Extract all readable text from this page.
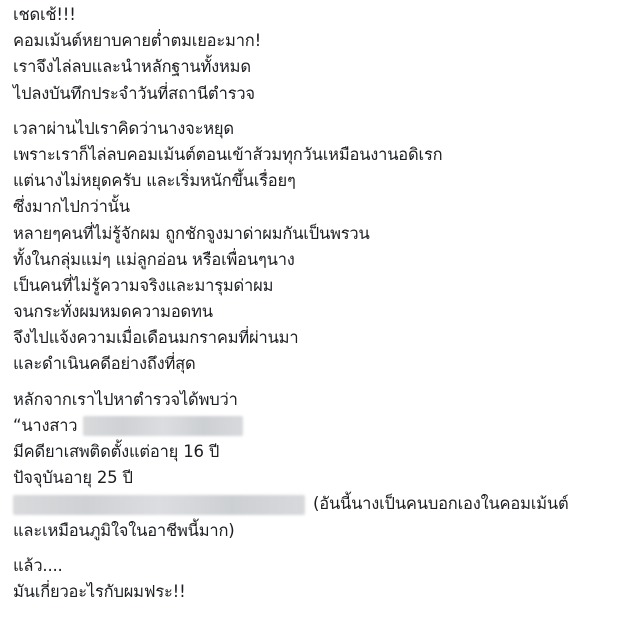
เชดเช้!!!
คอมเม้นต์หยาบคายต่ำตมเยอะมาก!
เราจึงไล่ลบและนำหลักฐานทั้งหมด
ไปลงบันทึกประจำวันที่สถานีตำรวจ
เวลาผ่านไปเราคิดว่านางจะหยุด
เพราะเราก็ไล่ลบคอมเม้นต์ตอนเข้าส้วมทุกวันเหมือนงานอดิเรก
แต่นางไม่หยุดครับ และเริ่มหนักขึ้นเรื่อยๆ
ซึ่งมากไปกว่านั้น
หลายๆคนที่ไม่รู้จักผม ถูกชักจูงมาด่าผมกันเป็นพรวน
ทั้งในกลุ่มแม่ๆ แม่ลูกอ่อน หรือเพื่อนๆนาง
เป็นคนที่ไม่รู้ความจริงและมารุมด่าผม
จนกระทั่งผมหมดความอดทน
จึงไปแจ้งความเมื่อเดือนมกราคมที่ผ่านมา
และดำเนินคดีอย่างถึงที่สุด
หลักจากเราไปหาตำรวจได้พบว่า
“นางสาว
มีคดียาเสพติดตั้งแต่อายุ 16 ปี
ปัจจุบันอายุ 25 ปี
(อันนี้นางเป็นคนบอกเองในคอมเม้นต์
และเหมือนภูมิใจในอาชีพนี้มาก)
แล้ว....
มันเกี่ยวอะไรกับผมฟระ!!
